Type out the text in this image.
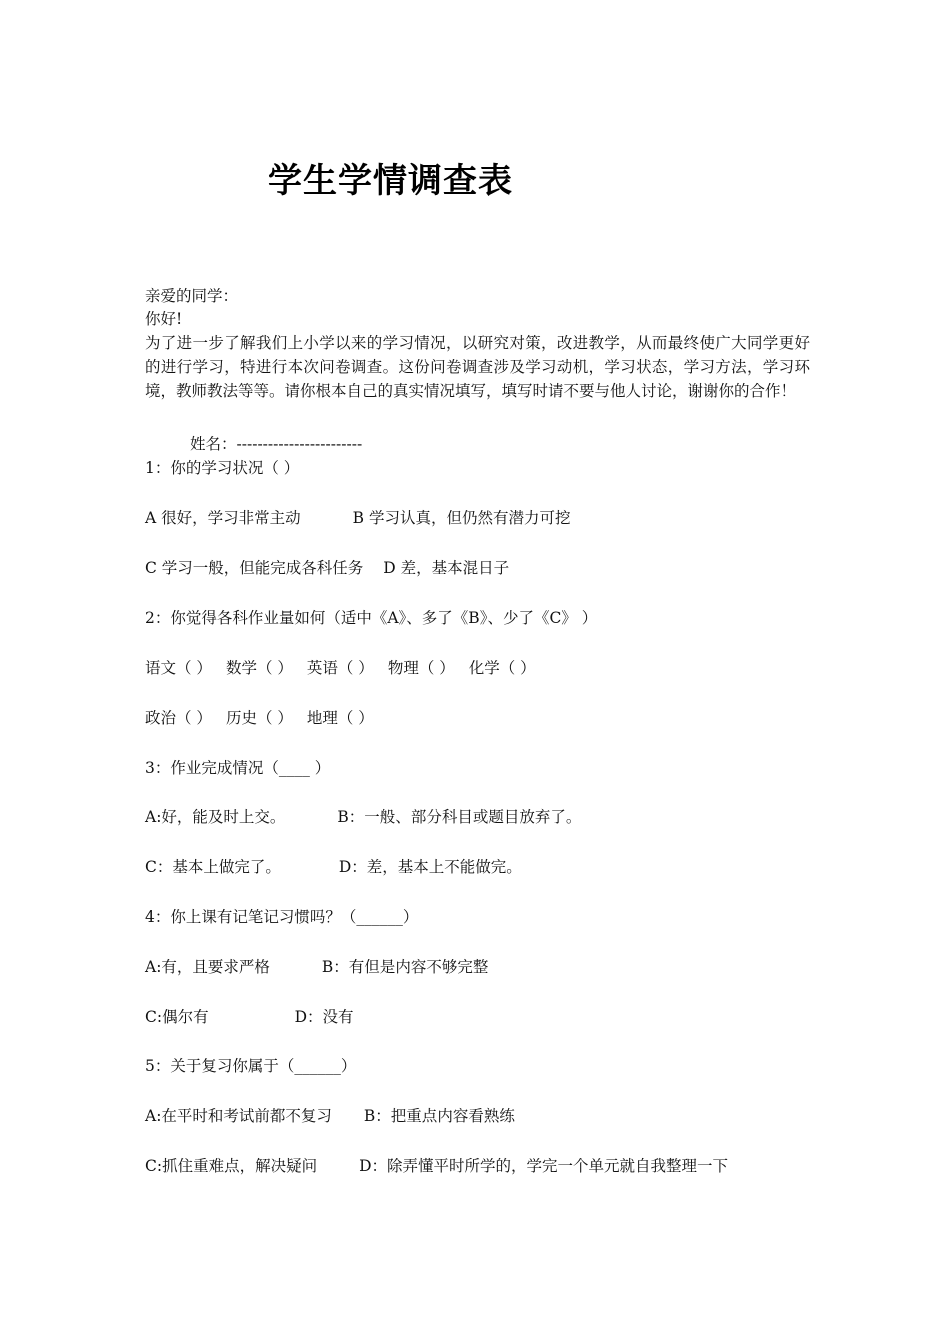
学生学情调查表
亲爱的同学：
你好!
为了进一步了解我们上小学以来的学习情况，以研究对策，改进教学，从而最终使广大同学更好的进行学习，特进行本次问卷调查。这份问卷调查涉及学习动机，学习状态，学习方法，学习环境，教师教法等等。请你根本自己的真实情况填写，填写时请不要与他人讨论，谢谢你的合作！
姓名：------------------------
1：你的学习状况（ ）
A 很好，学习非常主动	B 学习认真，但仍然有潜力可挖
C 学习一般，但能完成各科任务 D 差，基本混日子
2：你觉得各科作业量如何（适中《A》、多了《B》、少了《C》 ）
语文（ ） 数学（ ） 英语（ ） 物理（ ） 化学（ ）
政治（ ） 历史（ ） 地理（ ）
3：作业完成情况（____ ）
A:好，能及时上交。	B：一般、部分科目或题目放弃了。
C：基本上做完了。	D：差，基本上不能做完。
4：你上课有记笔记习惯吗？（______）
A:有，且要求严格	B：有但是内容不够完整
C:偶尔有	D：没有
5：关于复习你属于（______）
A:在平时和考试前都不复习 B：把重点内容看熟练
C:抓住重难点，解决疑问	D：除弄懂平时所学的，学完一个单元就自我整理一下
